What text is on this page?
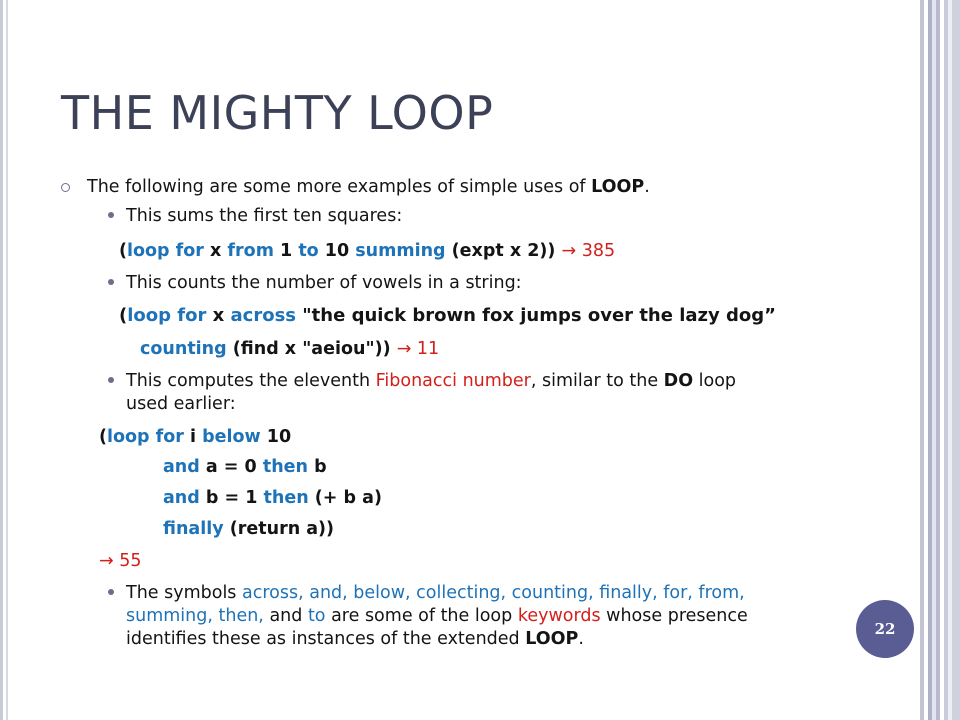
THE MIGHTY LOOP
The following are some more examples of simple uses of LOOP.
This sums the first ten squares:
(loop for x from 1 to 10 summing (expt x 2)) → 385
This counts the number of vowels in a string:
(loop for x across "the quick brown fox jumps over the lazy dog”
counting (find x "aeiou")) → 11
This computes the eleventh Fibonacci number, similar to the DO loop
used earlier:
(loop for i below 10
and a = 0 then b
and b = 1 then (+ b a)
finally (return a))
→ 55
The symbols across, and, below, collecting, counting, finally, for, from,
summing, then, and to are some of the loop keywords whose presence
identifies these as instances of the extended LOOP.	22
